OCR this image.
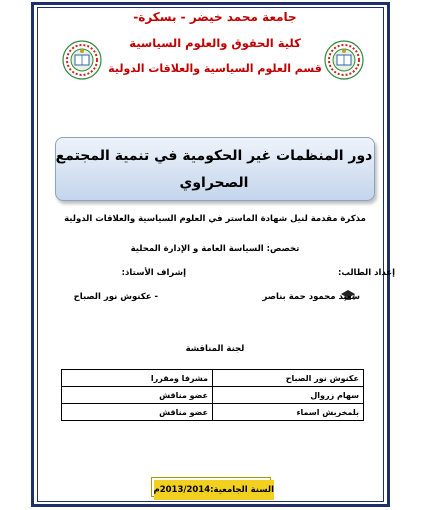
جامعة محمد خيضر - بسكرة-
كلية الحقوق والعلوم السياسية
قسم العلوم السياسية والعلاقات الدولية
دور المنظمات غير الحكومية في تنمية المجتمع
الصحراوي
مذكرة مقدمة لنيل شهادة الماستر في العلوم السياسية والعلاقات الدولية
تخصص: السياسة العامة و الإدارة المحلية
إعداد الطالب:
إشراف الأستاذ:
سعيد محمود حمة بناصر
- عكنوش نور الصباح
لجنة المناقشة
عكنوش نور الصباح	مشرفا ومقررا
سهام زروال	عضو مناقش
بلمخربش اسماء	عضو مناقش
السنة الجامعية:2013/2014م
